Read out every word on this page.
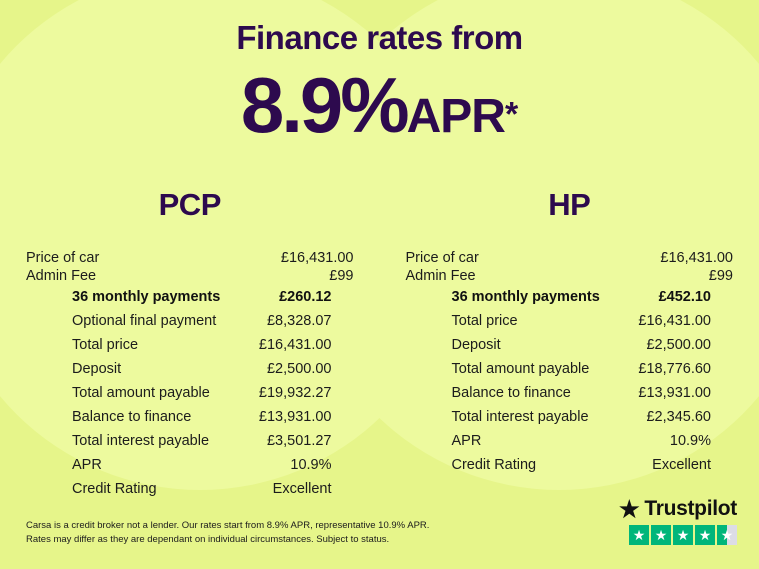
Finance rates from
8.9%APR*
PCP
Price of car	£16,431.00
Admin Fee	£99
36 monthly payments	£260.12
Optional final payment	£8,328.07
Total price	£16,431.00
Deposit	£2,500.00
Total amount payable	£19,932.27
Balance to finance	£13,931.00
Total interest payable	£3,501.27
APR	10.9%
Credit Rating	Excellent
HP
Price of car	£16,431.00
Admin Fee	£99
36 monthly payments	£452.10
Total price	£16,431.00
Deposit	£2,500.00
Total amount payable	£18,776.60
Balance to finance	£13,931.00
Total interest payable	£2,345.60
APR	10.9%
Credit Rating	Excellent
Carsa is a credit broker not a lender. Our rates start from 8.9% APR, representative 10.9% APR. Rates may differ as they are dependant on individual circumstances. Subject to status.
★ Trustpilot
★ ★ ★ ★ ★
